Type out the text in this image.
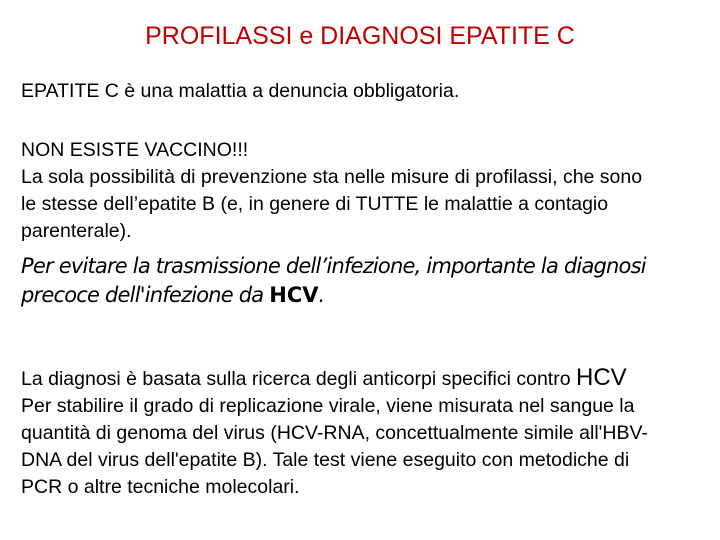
PROFILASSI e DIAGNOSI EPATITE C

EPATITE C è una malattia a denuncia obbligatoria.

NON ESISTE VACCINO!!!
La sola possibilità di prevenzione sta nelle misure di profilassi, che sono
le stesse dell’epatite B (e, in genere di TUTTE le malattie a contagio
parenterale).

Per evitare la trasmissione dell’infezione, importante la diagnosi
precoce dell'infezione da HCV.

La diagnosi è basata sulla ricerca degli anticorpi specifici contro HCV
Per stabilire il grado di replicazione virale, viene misurata nel sangue la
quantità di genoma del virus (HCV-RNA, concettualmente simile all'HBV-
DNA del virus dell'epatite B). Tale test viene eseguito con metodiche di
PCR o altre tecniche molecolari.
